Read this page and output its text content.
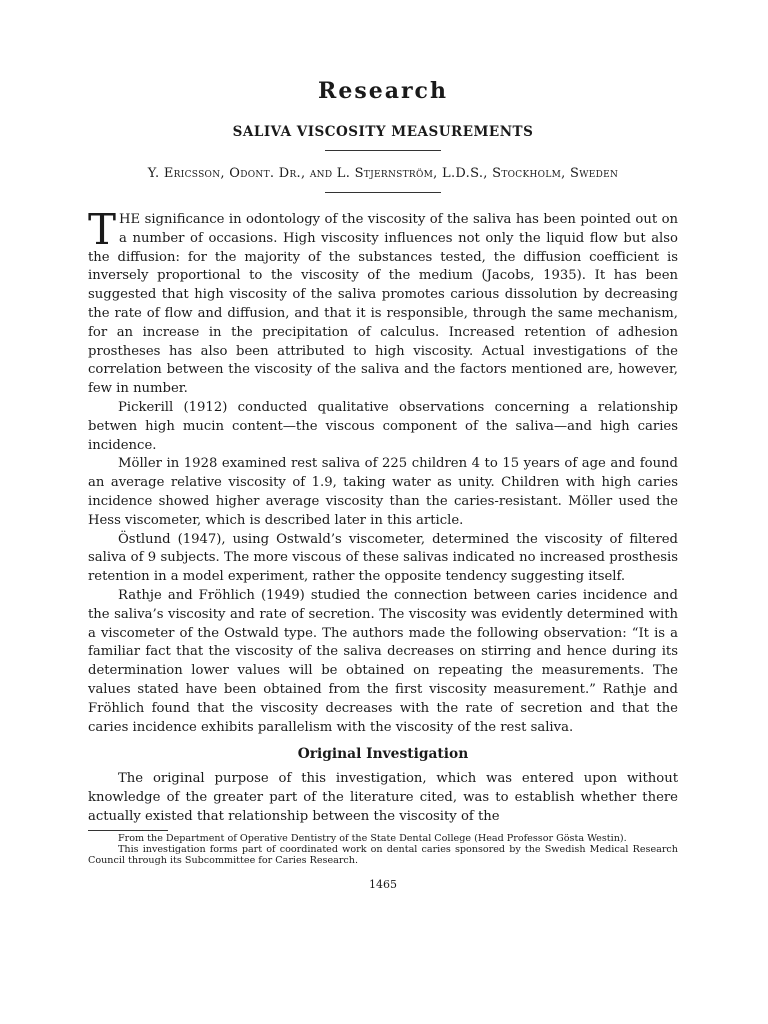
Research
SALIVA VISCOSITY MEASUREMENTS
Y. Ericsson, Odont. Dr., and L. Stjernström, L.D.S., Stockholm, Sweden

THE significance in odontology of the viscosity of the saliva has been pointed out on a number of occasions. High viscosity influences not only the liquid flow but also the diffusion: for the majority of the substances tested, the diffusion coefficient is inversely proportional to the viscosity of the medium (Jacobs, 1935). It has been suggested that high viscosity of the saliva promotes carious dissolution by decreasing the rate of flow and diffusion, and that it is responsible, through the same mechanism, for an increase in the precipitation of calculus. Increased retention of adhesion prostheses has also been attributed to high viscosity. Actual investigations of the correlation between the viscosity of the saliva and the factors mentioned are, however, few in number.

Pickerill (1912) conducted qualitative observations concerning a relationship betwen high mucin content—the viscous component of the saliva—and high caries incidence.

Möller in 1928 examined rest saliva of 225 children 4 to 15 years of age and found an average relative viscosity of 1.9, taking water as unity. Children with high caries incidence showed higher average viscosity than the caries-resistant. Möller used the Hess viscometer, which is described later in this article.

Östlund (1947), using Ostwald’s viscometer, determined the viscosity of filtered saliva of 9 subjects. The more viscous of these salivas indicated no increased prosthesis retention in a model experiment, rather the opposite tendency suggesting itself.

Rathje and Fröhlich (1949) studied the connection between caries incidence and the saliva’s viscosity and rate of secretion. The viscosity was evidently determined with a viscometer of the Ostwald type. The authors made the following observation: “It is a familiar fact that the viscosity of the saliva decreases on stirring and hence during its determination lower values will be obtained on repeating the measurements. The values stated have been obtained from the first viscosity measurement.” Rathje and Fröhlich found that the viscosity decreases with the rate of secretion and that the caries incidence exhibits parallelism with the viscosity of the rest saliva.

Original Investigation

The original purpose of this investigation, which was entered upon without knowledge of the greater part of the literature cited, was to establish whether there actually existed that relationship between the viscosity of the

From the Department of Operative Dentistry of the State Dental College (Head Professor Gösta Westin).

This investigation forms part of coordinated work on dental caries sponsored by the Swedish Medical Research Council through its Subcommittee for Caries Research.

1465
